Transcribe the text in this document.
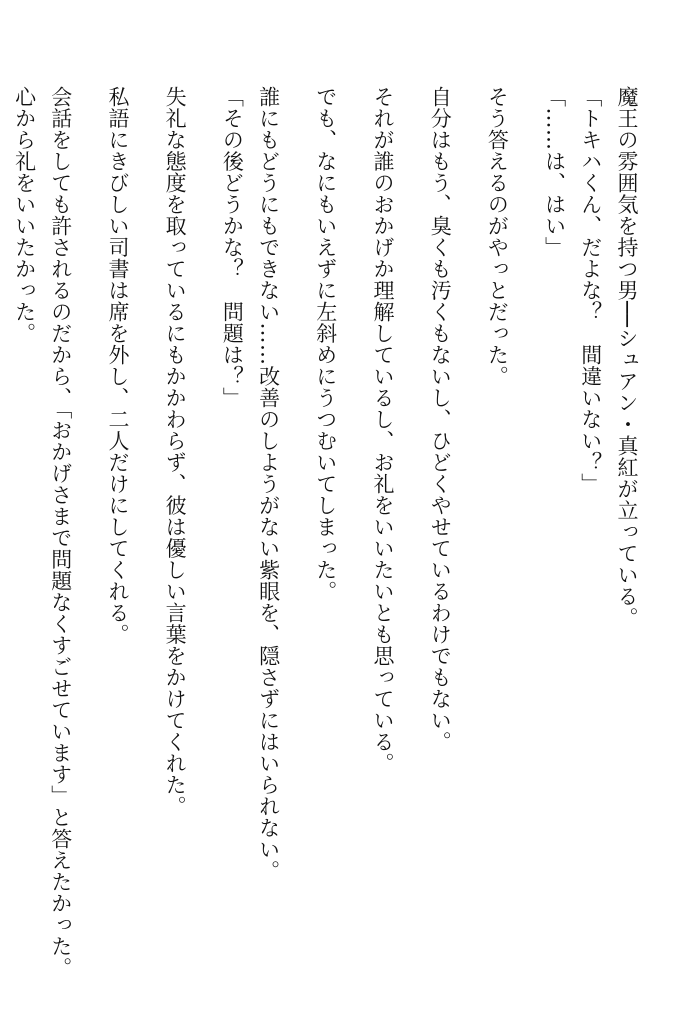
魔王の雰囲気を持つ男──シュアン・真紅が立っている。
「トキハくん、だよな？　間違いない？」
「……は、はい」
そう答えるのがやっとだった。
自分はもう、臭くも汚くもないし、ひどくやせているわけでもない。
それが誰のおかげか理解しているし、お礼をいいたいとも思っている。
でも、なにもいえずに左斜めにうつむいてしまった。
誰にもどうにもできない……改善のしようがない紫眼を、隠さずにはいられない。
「その後どうかな？　問題は？」
失礼な態度を取っているにもかかわらず、彼は優しい言葉をかけてくれた。
私語にきびしい司書は席を外し、二人だけにしてくれる。
会話をしても許されるのだから、「おかげさまで問題なくすごせています」と答えたかった。
心から礼をいいたかった。
